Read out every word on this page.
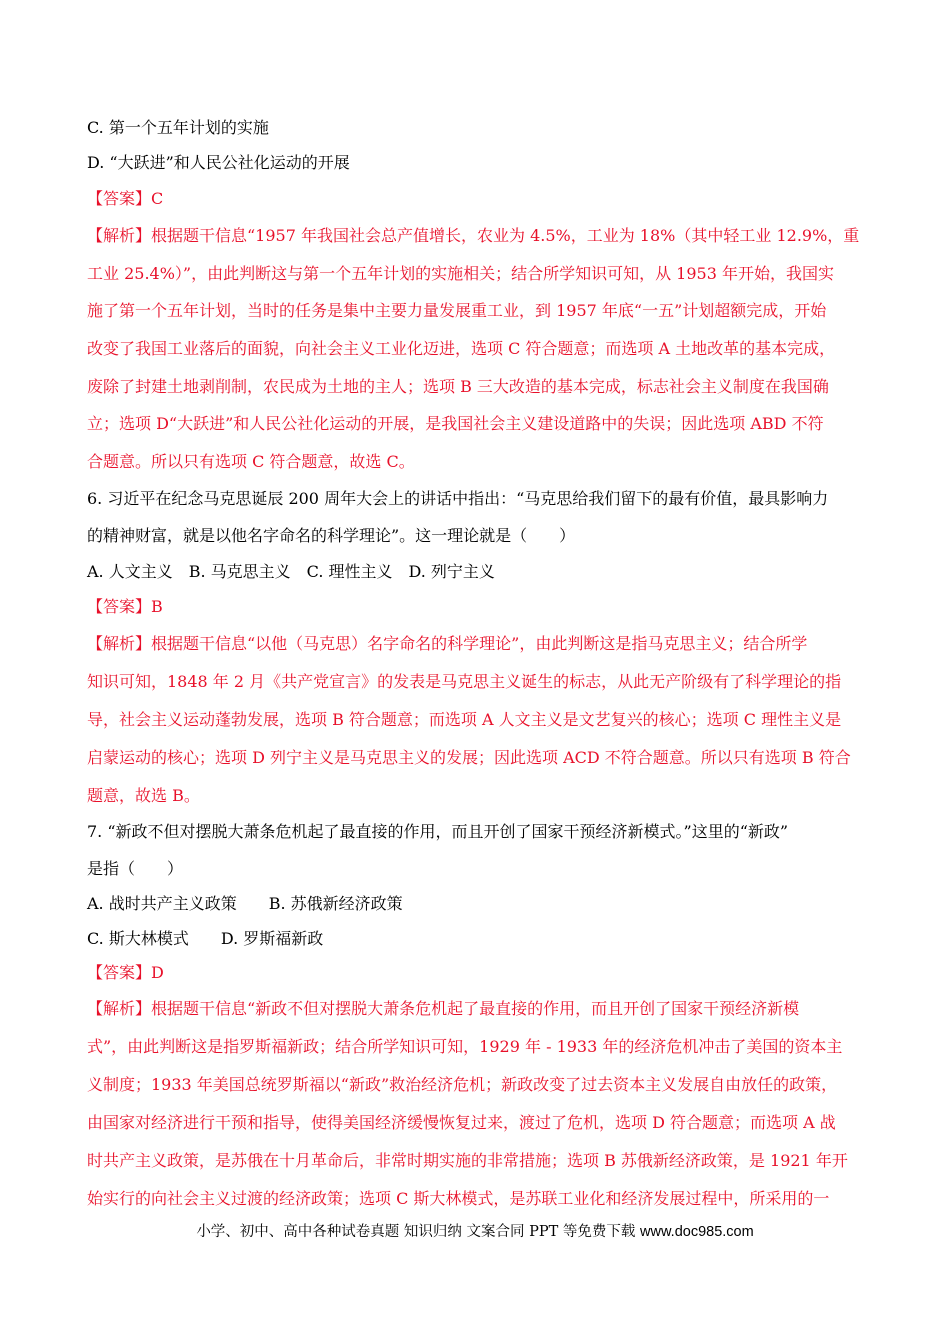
C. 第一个五年计划的实施
D. “大跃进”和人民公社化运动的开展
【答案】C
【解析】根据题干信息“1957 年我国社会总产值增长，农业为 4.5%，工业为 18%（其中轻工业 12.9%，重
工业 25.4%）”，由此判断这与第一个五年计划的实施相关；结合所学知识可知，从 1953 年开始，我国实
施了第一个五年计划，当时的任务是集中主要力量发展重工业，到 1957 年底“一五”计划超额完成，开始
改变了我国工业落后的面貌，向社会主义工业化迈进，选项 C 符合题意；而选项 A 土地改革的基本完成，
废除了封建土地剥削制，农民成为土地的主人；选项 B 三大改造的基本完成，标志社会主义制度在我国确
立；选项 D“大跃进”和人民公社化运动的开展，是我国社会主义建设道路中的失误；因此选项 ABD 不符
合题意。所以只有选项 C 符合题意，故选 C。
6. 习近平在纪念马克思诞辰 200 周年大会上的讲话中指出：“马克思给我们留下的最有价值，最具影响力
的精神财富，就是以他名字命名的科学理论”。这一理论就是（　　）
A. 人文主义　B. 马克思主义　C. 理性主义　D. 列宁主义
【答案】B
【解析】根据题干信息“以他（马克思）名字命名的科学理论”，由此判断这是指马克思主义；结合所学
知识可知，1848 年 2 月《共产党宣言》的发表是马克思主义诞生的标志，从此无产阶级有了科学理论的指
导，社会主义运动蓬勃发展，选项 B 符合题意；而选项 A 人文主义是文艺复兴的核心；选项 C 理性主义是
启蒙运动的核心；选项 D 列宁主义是马克思主义的发展；因此选项 ACD 不符合题意。所以只有选项 B 符合
题意，故选 B。
7. “新政不但对摆脱大萧条危机起了最直接的作用，而且开创了国家干预经济新模式。”这里的“新政”
是指（　　）
A. 战时共产主义政策　　B. 苏俄新经济政策
C. 斯大林模式　　D. 罗斯福新政
【答案】D
【解析】根据题干信息“新政不但对摆脱大萧条危机起了最直接的作用，而且开创了国家干预经济新模
式”，由此判断这是指罗斯福新政；结合所学知识可知，1929 年 - 1933 年的经济危机冲击了美国的资本主
义制度；1933 年美国总统罗斯福以“新政”救治经济危机；新政改变了过去资本主义发展自由放任的政策，
由国家对经济进行干预和指导，使得美国经济缓慢恢复过来，渡过了危机，选项 D 符合题意；而选项 A 战
时共产主义政策，是苏俄在十月革命后，非常时期实施的非常措施；选项 B 苏俄新经济政策，是 1921 年开
始实行的向社会主义过渡的经济政策；选项 C 斯大林模式，是苏联工业化和经济发展过程中，所采用的一
小学、初中、高中各种试卷真题 知识归纳 文案合同 PPT 等免费下载 www.doc985.com
